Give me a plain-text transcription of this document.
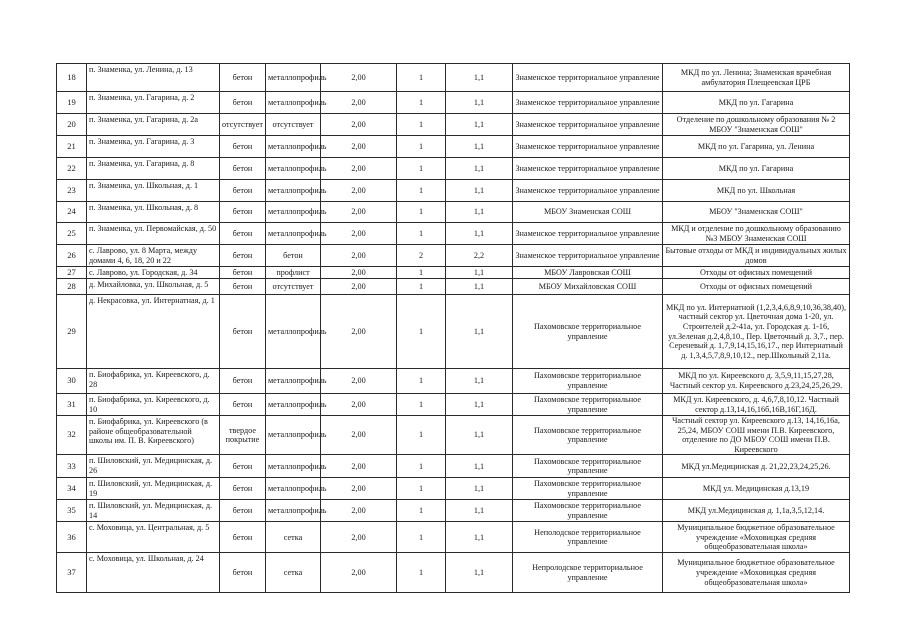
18	п. Знаменка, ул. Ленина, д. 13	бетон	металлопрофиль	2,00	1	1,1	Знаменское территориальное управление	МКД по ул. Ленина; Знаменская врачебная амбулатория Плещеевская ЦРБ
19	п. Знаменка, ул. Гагарина, д. 2	бетон	металлопрофиль	2,00	1	1,1	Знаменское территориальное управление	МКД по ул. Гагарина
20	п. Знаменка, ул. Гагарина, д. 2а	отсутствует	отсутствует	2,00	1	1,1	Знаменское территориальное управление	Отделение по дошкольному образования № 2 МБОУ "Знаменская СОШ"
21	п. Знаменка, ул. Гагарина, д. 3	бетон	металлопрофиль	2,00	1	1,1	Знаменское территориальное управление	МКД по ул. Гагарина, ул. Ленина
22	п. Знаменка, ул. Гагарина, д. 8	бетон	металлопрофиль	2,00	1	1,1	Знаменское территориальное управление	МКД по ул. Гагарина
23	п. Знаменка, ул. Школьная, д. 1	бетон	металлопрофиль	2,00	1	1,1	Знаменское территориальное управление	МКД по ул. Школьная
24	п. Знаменка, ул. Школьная, д. 8	бетон	металлопрофиль	2,00	1	1,1	МБОУ Знаменская СОШ	МБОУ "Знаменская СОШ"
25	п. Знаменка, ул. Первомайская, д. 50	бетон	металлопрофиль	2,00	1	1,1	Знаменское территориальное управление	МКД и отделение по дошкольному образованию №3 МБОУ Знаменская СОШ
26	с. Лаврово, ул. 8 Марта, между домами 4, 6, 18, 20 и 22	бетон	бетон	2,00	2	2,2	Знаменское территориальное управление	Бытовые отходы от МКД и индивидуальных жилых домов
27	с. Лаврово, ул. Городская, д. 34	бетон	профлист	2,00	1	1,1	МБОУ Лавровская СОШ	Отходы от офисных помещений
28	д. Михайловка, ул. Школьная, д. 5	бетон	отсутствует	2,00	1	1,1	МБОУ Михайловская СОШ	Отходы от офисных помещений
29	д. Некрасовка, ул. Интернатная, д. 1	бетон	металлопрофиль	2,00	1	1,1	Пахомовское территориальное управление	МКД по ул. Интернатной (1,2,3,4,6,8,9,10,36,38,40), частный сектор ул. Цветочная дома 1-20, ул. Строителей д.2-41а, ул. Городская д. 1-16, ул.Зеленая д.2,4,8,10., Пер. Цветочный д. 3,7., пер. Сереневый д. 1,7,9,14,15,16,17., пер Интернатный д. 1,3,4,5,7,8,9,10,12., пер.Школьный 2,11а.
30	п. Биофабрика, ул. Киреевского, д. 28	бетон	металлопрофиль	2,00	1	1,1	Пахомовское территориальное управление	МКД по ул. Киреевского д. 3,5,9,11,15,27,28, Частный сектор ул. Киреевского д.23,24,25,26,29.
31	п. Биофабрика, ул. Киреевского, д. 10	бетон	металлопрофиль	2,00	1	1,1	Пахомовское территориальное управление	МКД ул. Киреевского, д. 4,6,7,8,10,12. Частный сектор д.13,14,16,16б,16В,16Г,16Д.
32	п. Биофабрика, ул. Киреевского (в районе общеобразовательной школы им. П. В. Киреевского)	твердое покрытие	металлопрофиль	2,00	1	1,1	Пахомовское территориальное управление	Частный сектор ул. Киреевского д.13, 14,16,16а, 25,24, МБОУ СОШ имени П.В. Киреевского, отделение по ДО МБОУ СОШ имени П.В. Киреевского
33	п. Шиловский, ул. Медицинская, д. 26	бетон	металлопрофиль	2,00	1	1,1	Пахомовское территориальное управление	МКД ул.Медицинская д. 21,22,23,24,25,26.
34	п. Шиловский, ул. Медицинская, д. 19	бетон	металлопрофиль	2,00	1	1,1	Пахомовское территориальное управление	МКД ул. Медицинская д.13,19
35	п. Шиловский, ул. Медицинская, д. 14	бетон	металлопрофиль	2,00	1	1,1	Пахомовское территориальное управление	МКД ул.Медицинская д. 1,1а,3,5,12,14.
36	с. Моховица, ул. Центральная, д. 5	бетон	сетка	2,00	1	1,1	Неполодское территориальное управление	Муниципальное бюджетное образовательное учреждение «Моховицкая средняя общеобразовательная школа»
37	с. Моховица, ул. Школьная, д. 24	бетон	сетка	2,00	1	1,1	Непролодское территориальное управление	Муниципальное бюджетное образовательное учреждение «Моховицкая средняя общеобразовательная школа»
